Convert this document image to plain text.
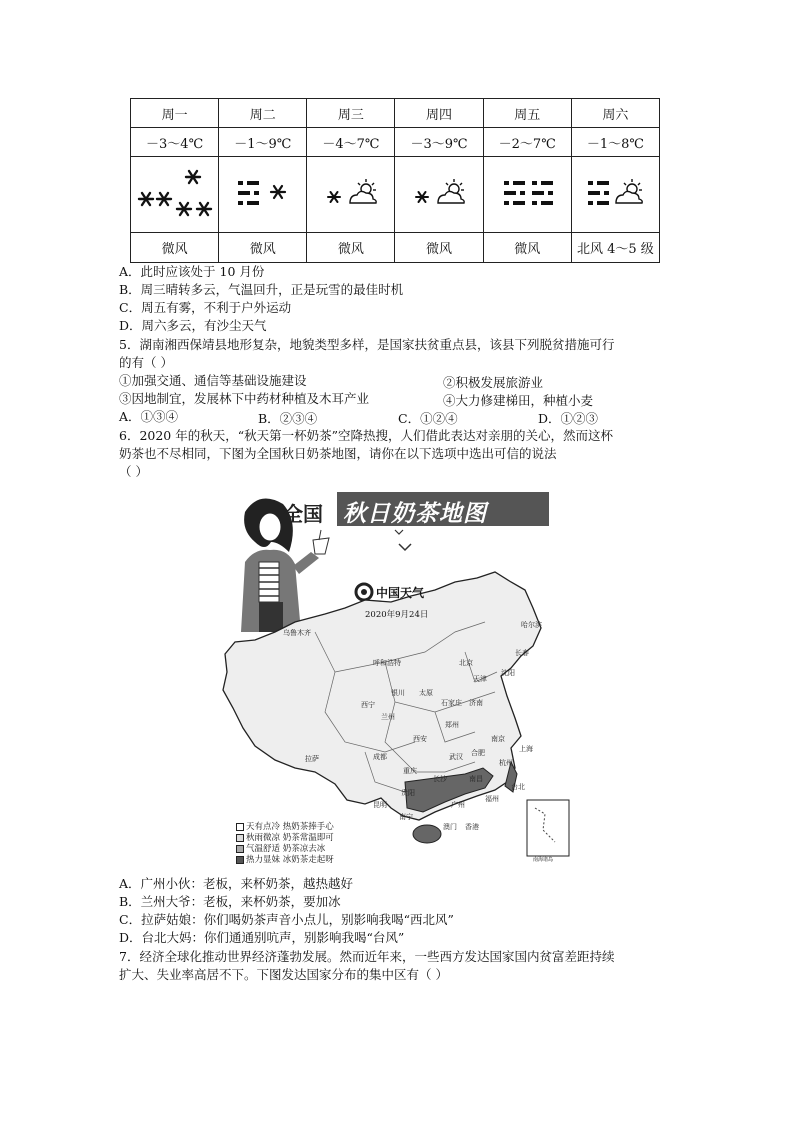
周一	周二	周三	周四	周五	周六
－3～4℃	－1～9℃	－4～7℃	－3～9℃	－2～7℃	－1～8℃

微风	微风	微风	微风	微风	北风 4～5 级
A．此时应该处于 10 月份
B．周三晴转多云，气温回升，正是玩雪的最佳时机
C．周五有雾，不利于户外运动
D．周六多云，有沙尘天气
5．湖南湘西保靖县地形复杂，地貌类型多样，是国家扶贫重点县，该县下列脱贫措施可行
的有（ ）
①加强交通、通信等基础设施建设	②积极发展旅游业
③因地制宜，发展林下中药材种植及木耳产业	④大力修建梯田，种植小麦
A．①③④	B．②③④	C．①②④	D．①②③
6．2020 年的秋天，“秋天第一杯奶茶”空降热搜，人们借此表达对亲朋的关心，然而这杯
奶茶也不尽相同，下图为全国秋日奶茶地图，请你在以下选项中选出可信的说法
（ ）
全国 秋日奶茶地图
中国天气
2020年9月24日
南海诸岛
乌鲁木齐
哈尔滨
长春
沈阳
呼和浩特	北京
天津
银川 太原
石家庄 济南
西宁
兰州
郑州
西安	南京
上海
合肥
拉萨	成都	武汉
杭州
重庆
长沙	南昌
福州
贵阳
台北
昆明
南宁
广州
澳门 香港
海口
天有点冷 热奶茶捧手心
秋雨微凉 奶茶常温即可
气温舒适 奶茶凉去冰
热力显妹 冰奶茶走起呀
A．广州小伙：老板，来杯奶茶，越热越好
B．兰州大爷：老板，来杯奶茶，要加冰
C．拉萨姑娘：你们喝奶茶声音小点儿，别影响我喝“西北风”
D．台北大妈：你们通通别吭声，别影响我喝“台风”
7．经济全球化推动世界经济蓬勃发展。然而近年来，一些西方发达国家国内贫富差距持续
扩大、失业率高居不下。下图发达国家分布的集中区有（ ）
